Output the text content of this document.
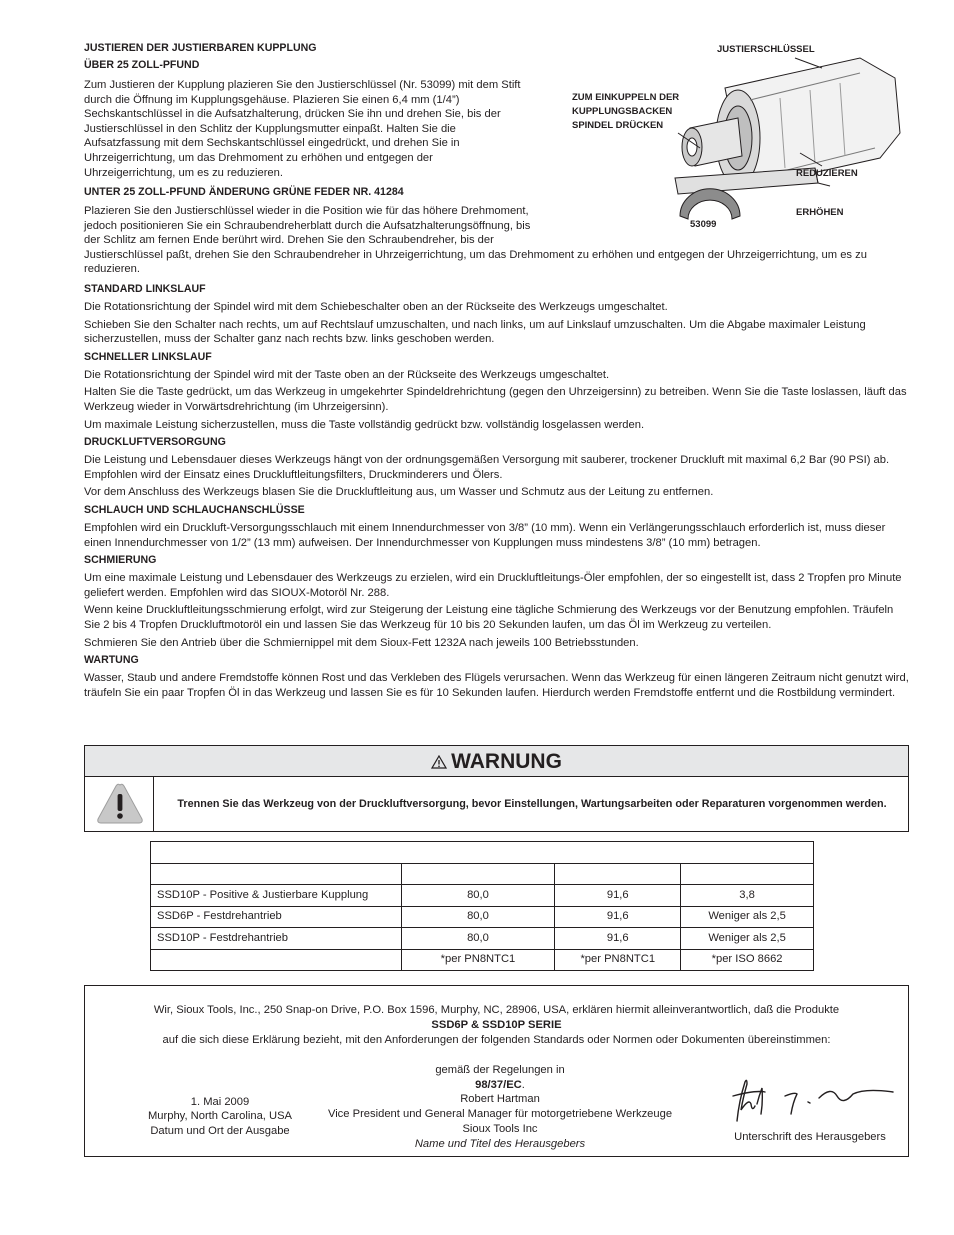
JUSTIEREN DER JUSTIERBAREN KUPPLUNG
ÜBER 25 ZOLL-PFUND

Zum Justieren der Kupplung plazieren Sie den Justierschlüssel (Nr. 53099) mit dem Stift durch die Öffnung im Kupplungsgehäuse. Plazieren Sie einen 6,4 mm (1/4”) Sechskantschlüssel in die Aufsatzhalterung, drücken Sie ihn und drehen Sie, bis der Justierschlüssel in den Schlitz der Kupplungsmutter einpaßt. Halten Sie die Aufsatzfassung mit dem Sechskantschlüssel eingedrückt, und drehen Sie in Uhrzeigerrichtung, um das Drehmoment zu erhöhen und entgegen der Uhrzeigerrichtung, um es zu reduzieren.

UNTER 25 ZOLL-PFUND ÄNDERUNG GRÜNE FEDER NR. 41284

Plazieren Sie den Justierschlüssel wieder in die Position wie für das höhere Drehmoment, jedoch positionieren Sie ein Schraubendreherblatt durch die Aufsatzhalterungsöffnung, bis der Schlitz am fernen Ende berührt wird. Drehen Sie den Schraubendreher, bis der Justierschlüssel paßt, drehen Sie den Schraubendreher in Uhrzeigerrichtung, um das Drehmoment zu erhöhen und entgegen der Uhrzeigerrichtung, um es zu reduzieren.

JUSTIERSCHLÜSSEL
ZUM EINKUPPELN DER
KUPPLUNGSBACKEN
SPINDEL DRÜCKEN
REDUZIEREN
ERHÖHEN
53099
STANDARD LINKSLAUF

Die Rotationsrichtung der Spindel wird mit dem Schiebeschalter oben an der Rückseite des Werkzeugs umgeschaltet.

Schieben Sie den Schalter nach rechts, um auf Rechtslauf umzuschalten, und nach links, um auf Linkslauf umzuschalten. Um die Abgabe maximaler Leistung sicherzustellen, muss der Schalter ganz nach rechts bzw. links geschoben werden.

SCHNELLER LINKSLAUF

Die Rotationsrichtung der Spindel wird mit der Taste oben an der Rückseite des Werkzeugs umgeschaltet.

Halten Sie die Taste gedrückt, um das Werkzeug in umgekehrter Spindeldrehrichtung (gegen den Uhrzeigersinn) zu betreiben. Wenn Sie die Taste loslassen, läuft das Werkzeug wieder in Vorwärtsdrehrichtung (im Uhrzeigersinn).

Um maximale Leistung sicherzustellen, muss die Taste vollständig gedrückt bzw. vollständig losgelassen werden.

DRUCKLUFTVERSORGUNG

Die Leistung und Lebensdauer dieses Werkzeugs hängt von der ordnungsgemäßen Versorgung mit sauberer, trockener Druckluft mit maximal 6,2 Bar (90 PSI) ab. Empfohlen wird der Einsatz eines Druckluftleitungsfilters, Druckminderers und Ölers.

Vor dem Anschluss des Werkzeugs blasen Sie die Druckluftleitung aus, um Wasser und Schmutz aus der Leitung zu entfernen.

SCHLAUCH UND SCHLAUCHANSCHLÜSSE

Empfohlen wird ein Druckluft-Versorgungsschlauch mit einem Innendurchmesser von 3/8” (10 mm). Wenn ein Verlängerungsschlauch erforderlich ist, muss dieser einen Innendurchmesser von 1/2” (13 mm) aufweisen. Der Innendurchmesser von Kupplungen muss mindestens 3/8” (10 mm) betragen.

SCHMIERUNG

Um eine maximale Leistung und Lebensdauer des Werkzeugs zu erzielen, wird ein Druckluftleitungs-Öler empfohlen, der so eingestellt ist, dass 2 Tropfen pro Minute geliefert werden. Empfohlen wird das SIOUX-Motoröl Nr. 288.

Wenn keine Druckluftleitungsschmierung erfolgt, wird zur Steigerung der Leistung eine tägliche Schmierung des Werkzeugs vor der Benutzung empfohlen. Träufeln Sie 2 bis 4 Tropfen Druckluftmotoröl ein und lassen Sie das Werkzeug für 10 bis 20 Sekunden laufen, um das Öl im Werkzeug zu verteilen.

Schmieren Sie den Antrieb über die Schmiernippel mit dem Sioux-Fett 1232A nach jeweils 100 Betriebsstunden.

WARTUNG

Wasser, Staub und andere Fremdstoffe können Rost und das Verkleben des Flügels verursachen. Wenn das Werkzeug für einen längeren Zeitraum nicht genutzt wird, träufeln Sie ein paar Tropfen Öl in das Werkzeug und lassen Sie es für 10 Sekunden laufen. Hierdurch werden Fremdstoffe entfernt und die Rostbildung vermindert.

WARNUNG
Trennen Sie das Werkzeug von der Druckluftversorgung, bevor Einstellungen, Wartungsarbeiten oder Reparaturen vorgenommen werden.

SSD10P - Positive & Justierbare Kupplung	80,0	91,6	3,8
SSD6P - Festdrehantrieb	80,0	91,6	Weniger als 2,5
SSD10P - Festdrehantrieb	80,0	91,6	Weniger als 2,5
	*per PN8NTC1	*per PN8NTC1	*per ISO 8662
Wir, Sioux Tools, Inc., 250 Snap-on Drive, P.O. Box 1596, Murphy, NC, 28906, USA, erklären hiermit alleinverantwortlich, daß die Produkte
SSD6P & SSD10P SERIE
auf die sich diese Erklärung bezieht, mit den Anforderungen der folgenden Standards oder Normen oder Dokumenten übereinstimmen:
1. Mai 2009
Murphy, North Carolina, USA
Datum und Ort der Ausgabe
gemäß der Regelungen in
98/37/EC.
Robert Hartman
Vice President und General Manager für motorgetriebene Werkzeuge
Sioux Tools Inc
Name und Titel des Herausgebers
Unterschrift des Herausgebers
